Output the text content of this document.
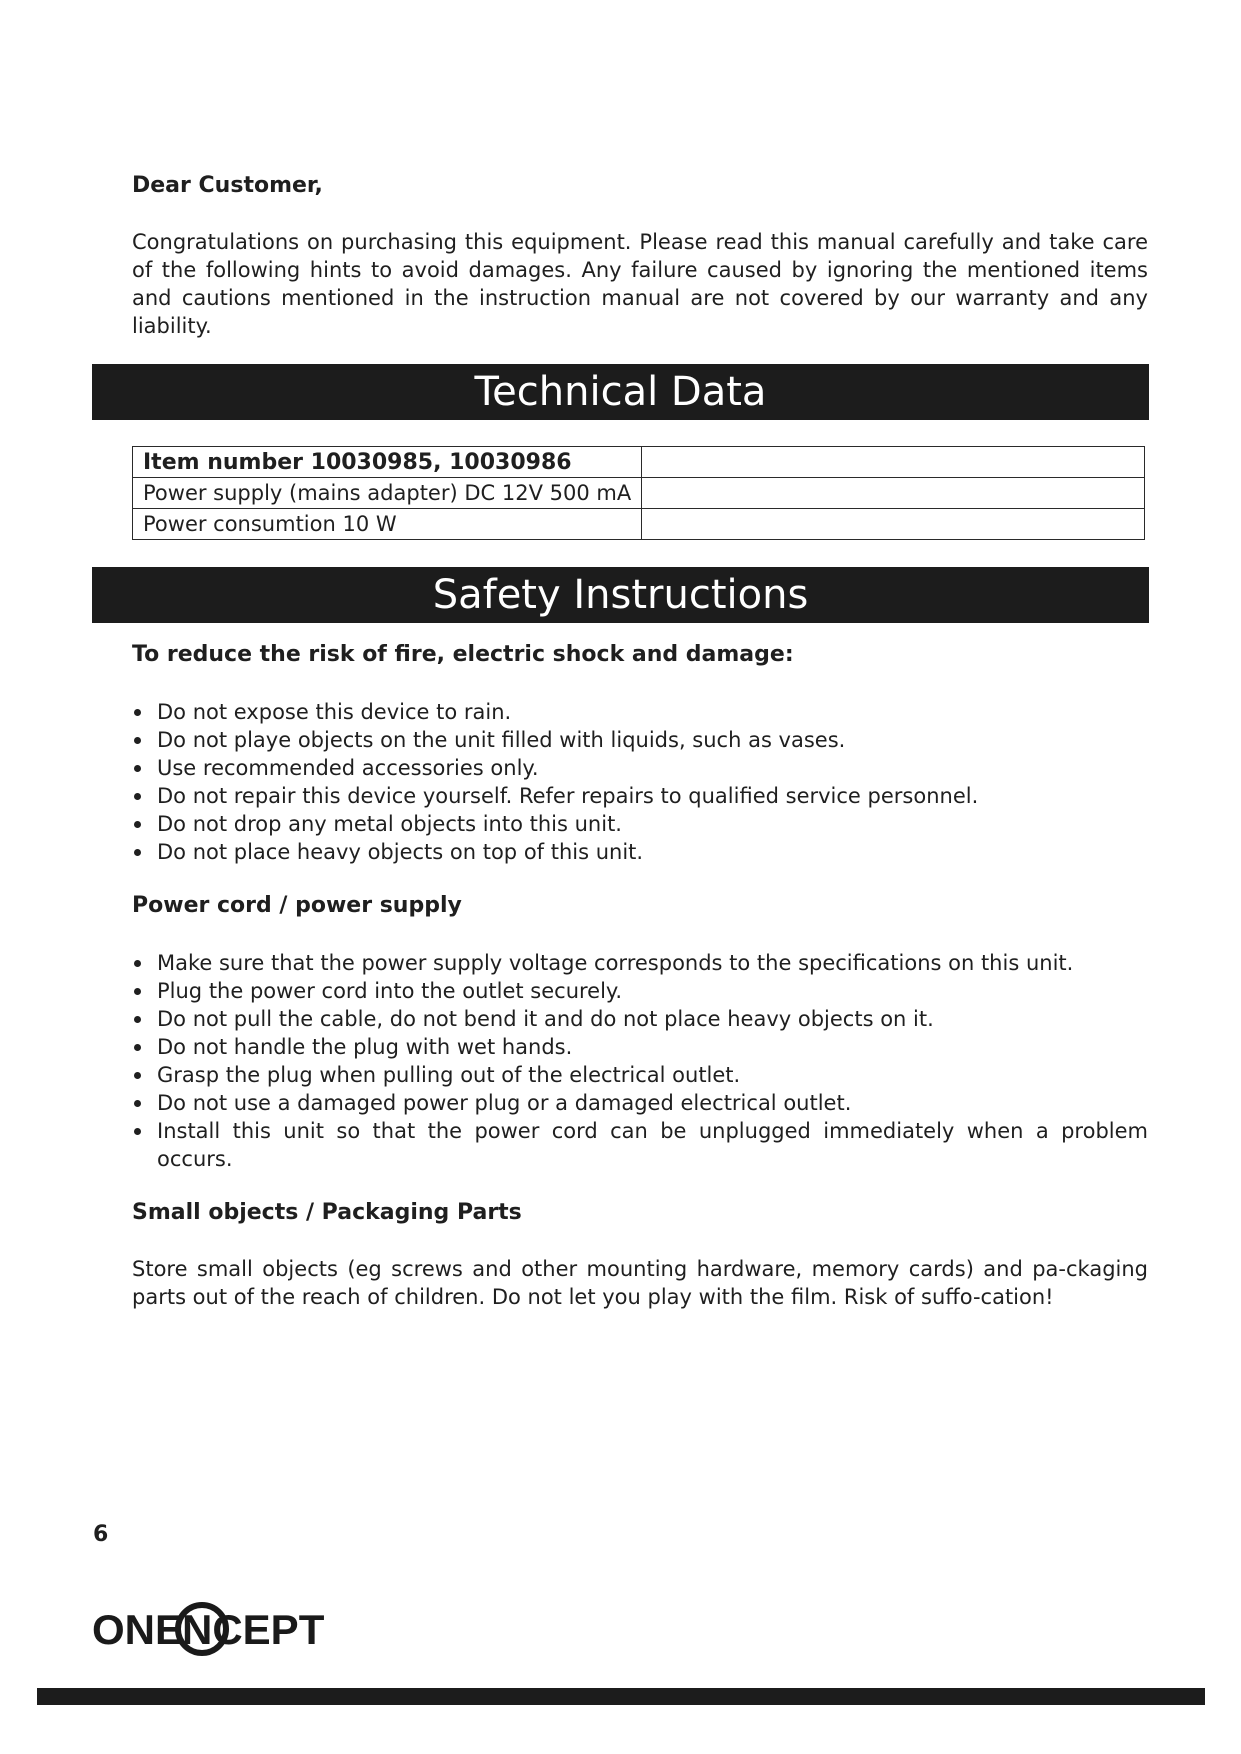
Dear Customer,

Congratulations on purchasing this equipment. Please read this manual carefully and take care of the following hints to avoid damages. Any failure caused by ignoring the mentioned items and cautions mentioned in the instruction manual are not covered by our warranty and any liability.

Technical Data
Item number 10030985, 10030986	
Power supply (mains adapter) DC 12V 500 mA	
Power consumtion 10 W	
Safety Instructions

To reduce the risk of fire, electric shock and damage:

Do not expose this device to rain.
Do not playe objects on the unit filled with liquids, such as vases.
Use recommended accessories only.
Do not repair this device yourself. Refer repairs to qualified service personnel.
Do not drop any metal objects into this unit.
Do not place heavy objects on top of this unit.

Power cord / power supply

Make sure that the power supply voltage corresponds to the specifications on this unit.
Plug the power cord into the outlet securely.
Do not pull the cable, do not bend it and do not place heavy objects on it.
Do not handle the plug with wet hands.
Grasp the plug when pulling out of the electrical outlet.
Do not use a damaged power plug or a damaged electrical outlet.
Install this unit so that the power cord can be unplugged immediately when a problem occurs.

Small objects / Packaging Parts

Store small objects (eg screws and other mounting hardware, memory cards) and pa-ckaging parts out of the reach of children. Do not let you play with the film. Risk of suffo-cation!

6
ONE
NCEPT
